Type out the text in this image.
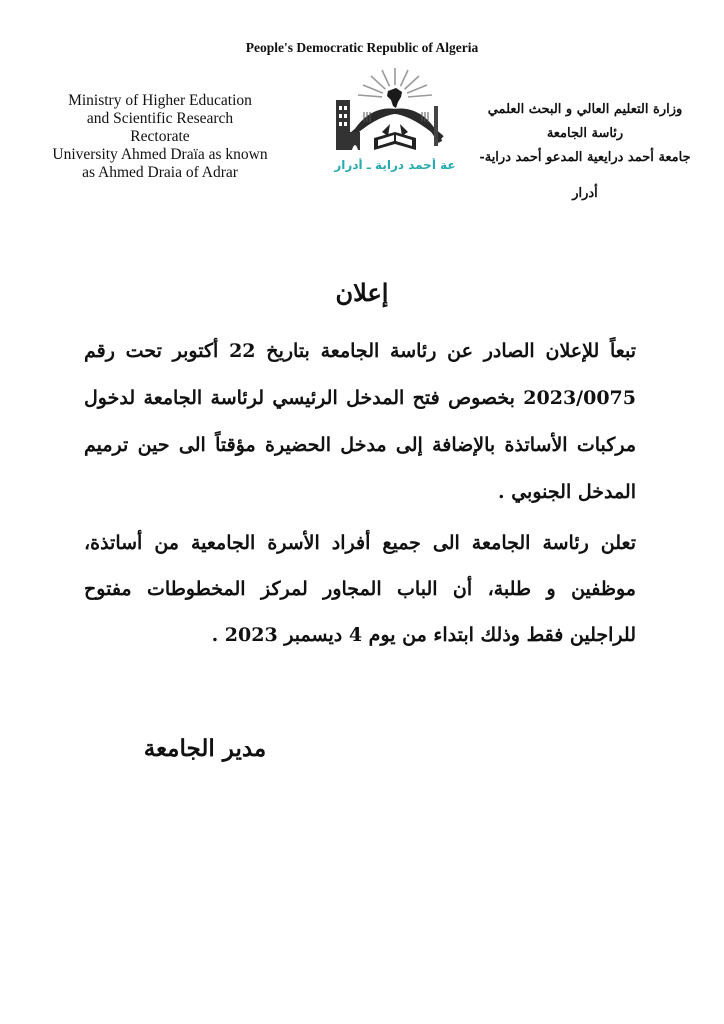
People's Democratic Republic of Algeria
Ministry of Higher Education
and Scientific Research
Rectorate
University Ahmed Draïa as known
as Ahmed Draia of Adrar	عة أحمد دراية ـ أدرار
وزارة التعليم العالي و البحث العلمي
رئاسة الجامعة
جامعة أحمد درايعية المدعو أحمد دراية-
أدرار
إعلان
تبعاً للإعلان الصادر عن رئاسة الجامعة بتاريخ 22 أكتوبر تحت رقم 2023/0075 بخصوص فتح المدخل الرئيسي لرئاسة الجامعة لدخول مركبات الأساتذة بالإضافة إلى مدخل الحضيرة مؤقتاً الى حين ترميم المدخل الجنوبي .
تعلن رئاسة الجامعة الى جميع أفراد الأسرة الجامعية من أساتذة، موظفين و طلبة، أن الباب المجاور لمركز المخطوطات مفتوح للراجلين فقط وذلك ابتداء من يوم 4 ديسمبر 2023 .
مدير الجامعة
